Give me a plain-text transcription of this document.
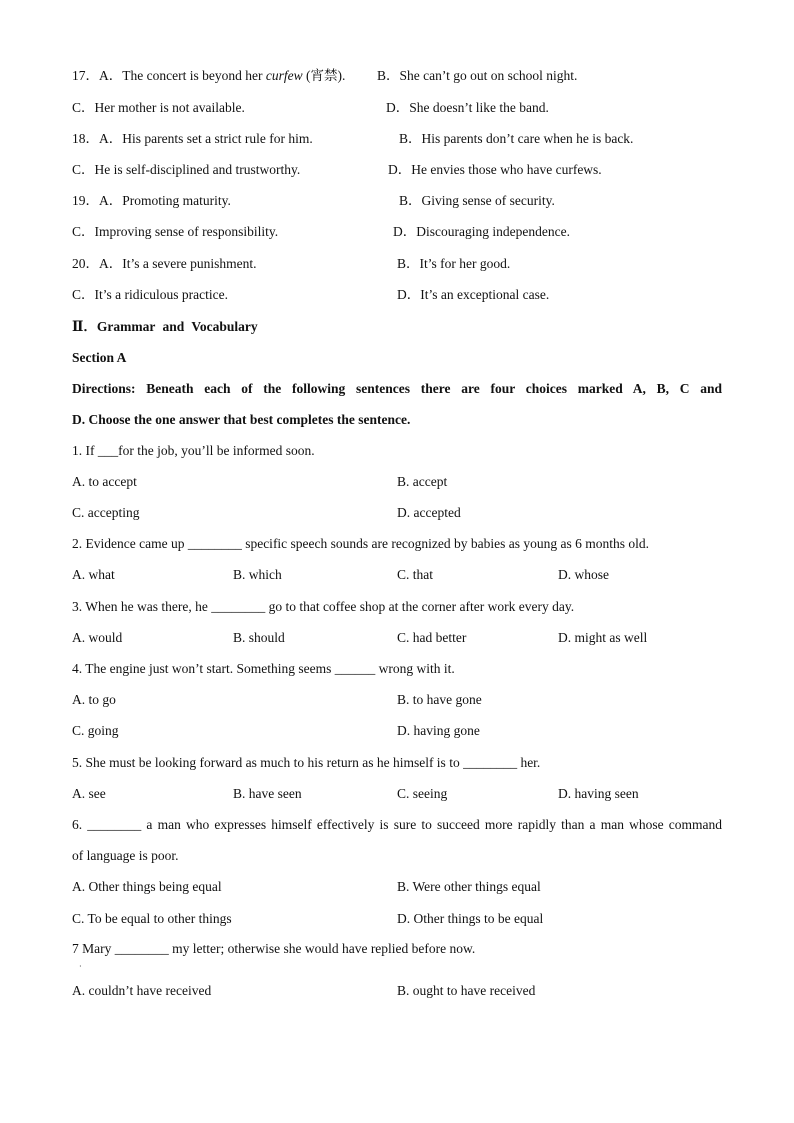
17．A．The concert is beyond her curfew (宵禁). B．She can’t go out on school night.
C．Her mother is not available.	D．She doesn’t like the band.
18．A．His parents set a strict rule for him.	B．His parents don’t care when he is back.
C．He is self-disciplined and trustworthy.	D．He envies those who have curfews.
19．A．Promoting maturity.	B．Giving sense of security.
C．Improving sense of responsibility.	D．Discouraging independence.
20．A．It’s a severe punishment.	B．It’s for her good.
C．It’s a ridiculous practice.	D．It’s an exceptional case.
Ⅱ．Grammar and Vocabulary
Section A
Directions: Beneath each of the following sentences there are four choices marked A, B, C and
D. Choose the one answer that best completes the sentence.
1. If ___for the job, you’ll be informed soon.
A. to accept	B. accept
C. accepting	D. accepted
2. Evidence came up ________ specific speech sounds are recognized by babies as young as 6 months old.
A. what	B. which	C. that	D. whose
3. When he was there, he ________ go to that coffee shop at the corner after work every day.
A. would	B. should	C. had better	D. might as well
4. The engine just won’t start. Something seems ______ wrong with it.
A. to go	B. to have gone
C. going	D. having gone
5. She must be looking forward as much to his return as he himself is to ________ her.
A. see	B. have seen	C. seeing	D. having seen
6. ________ a man who expresses himself effectively is sure to succeed more rapidly than a man whose command
of language is poor.
A. Other things being equal	B. Were other things equal
C. To be equal to other things	D. Other things to be equal
7 Mary ________ my letter; otherwise she would have replied before now.
·
A. couldn’t have received	B. ought to have received
